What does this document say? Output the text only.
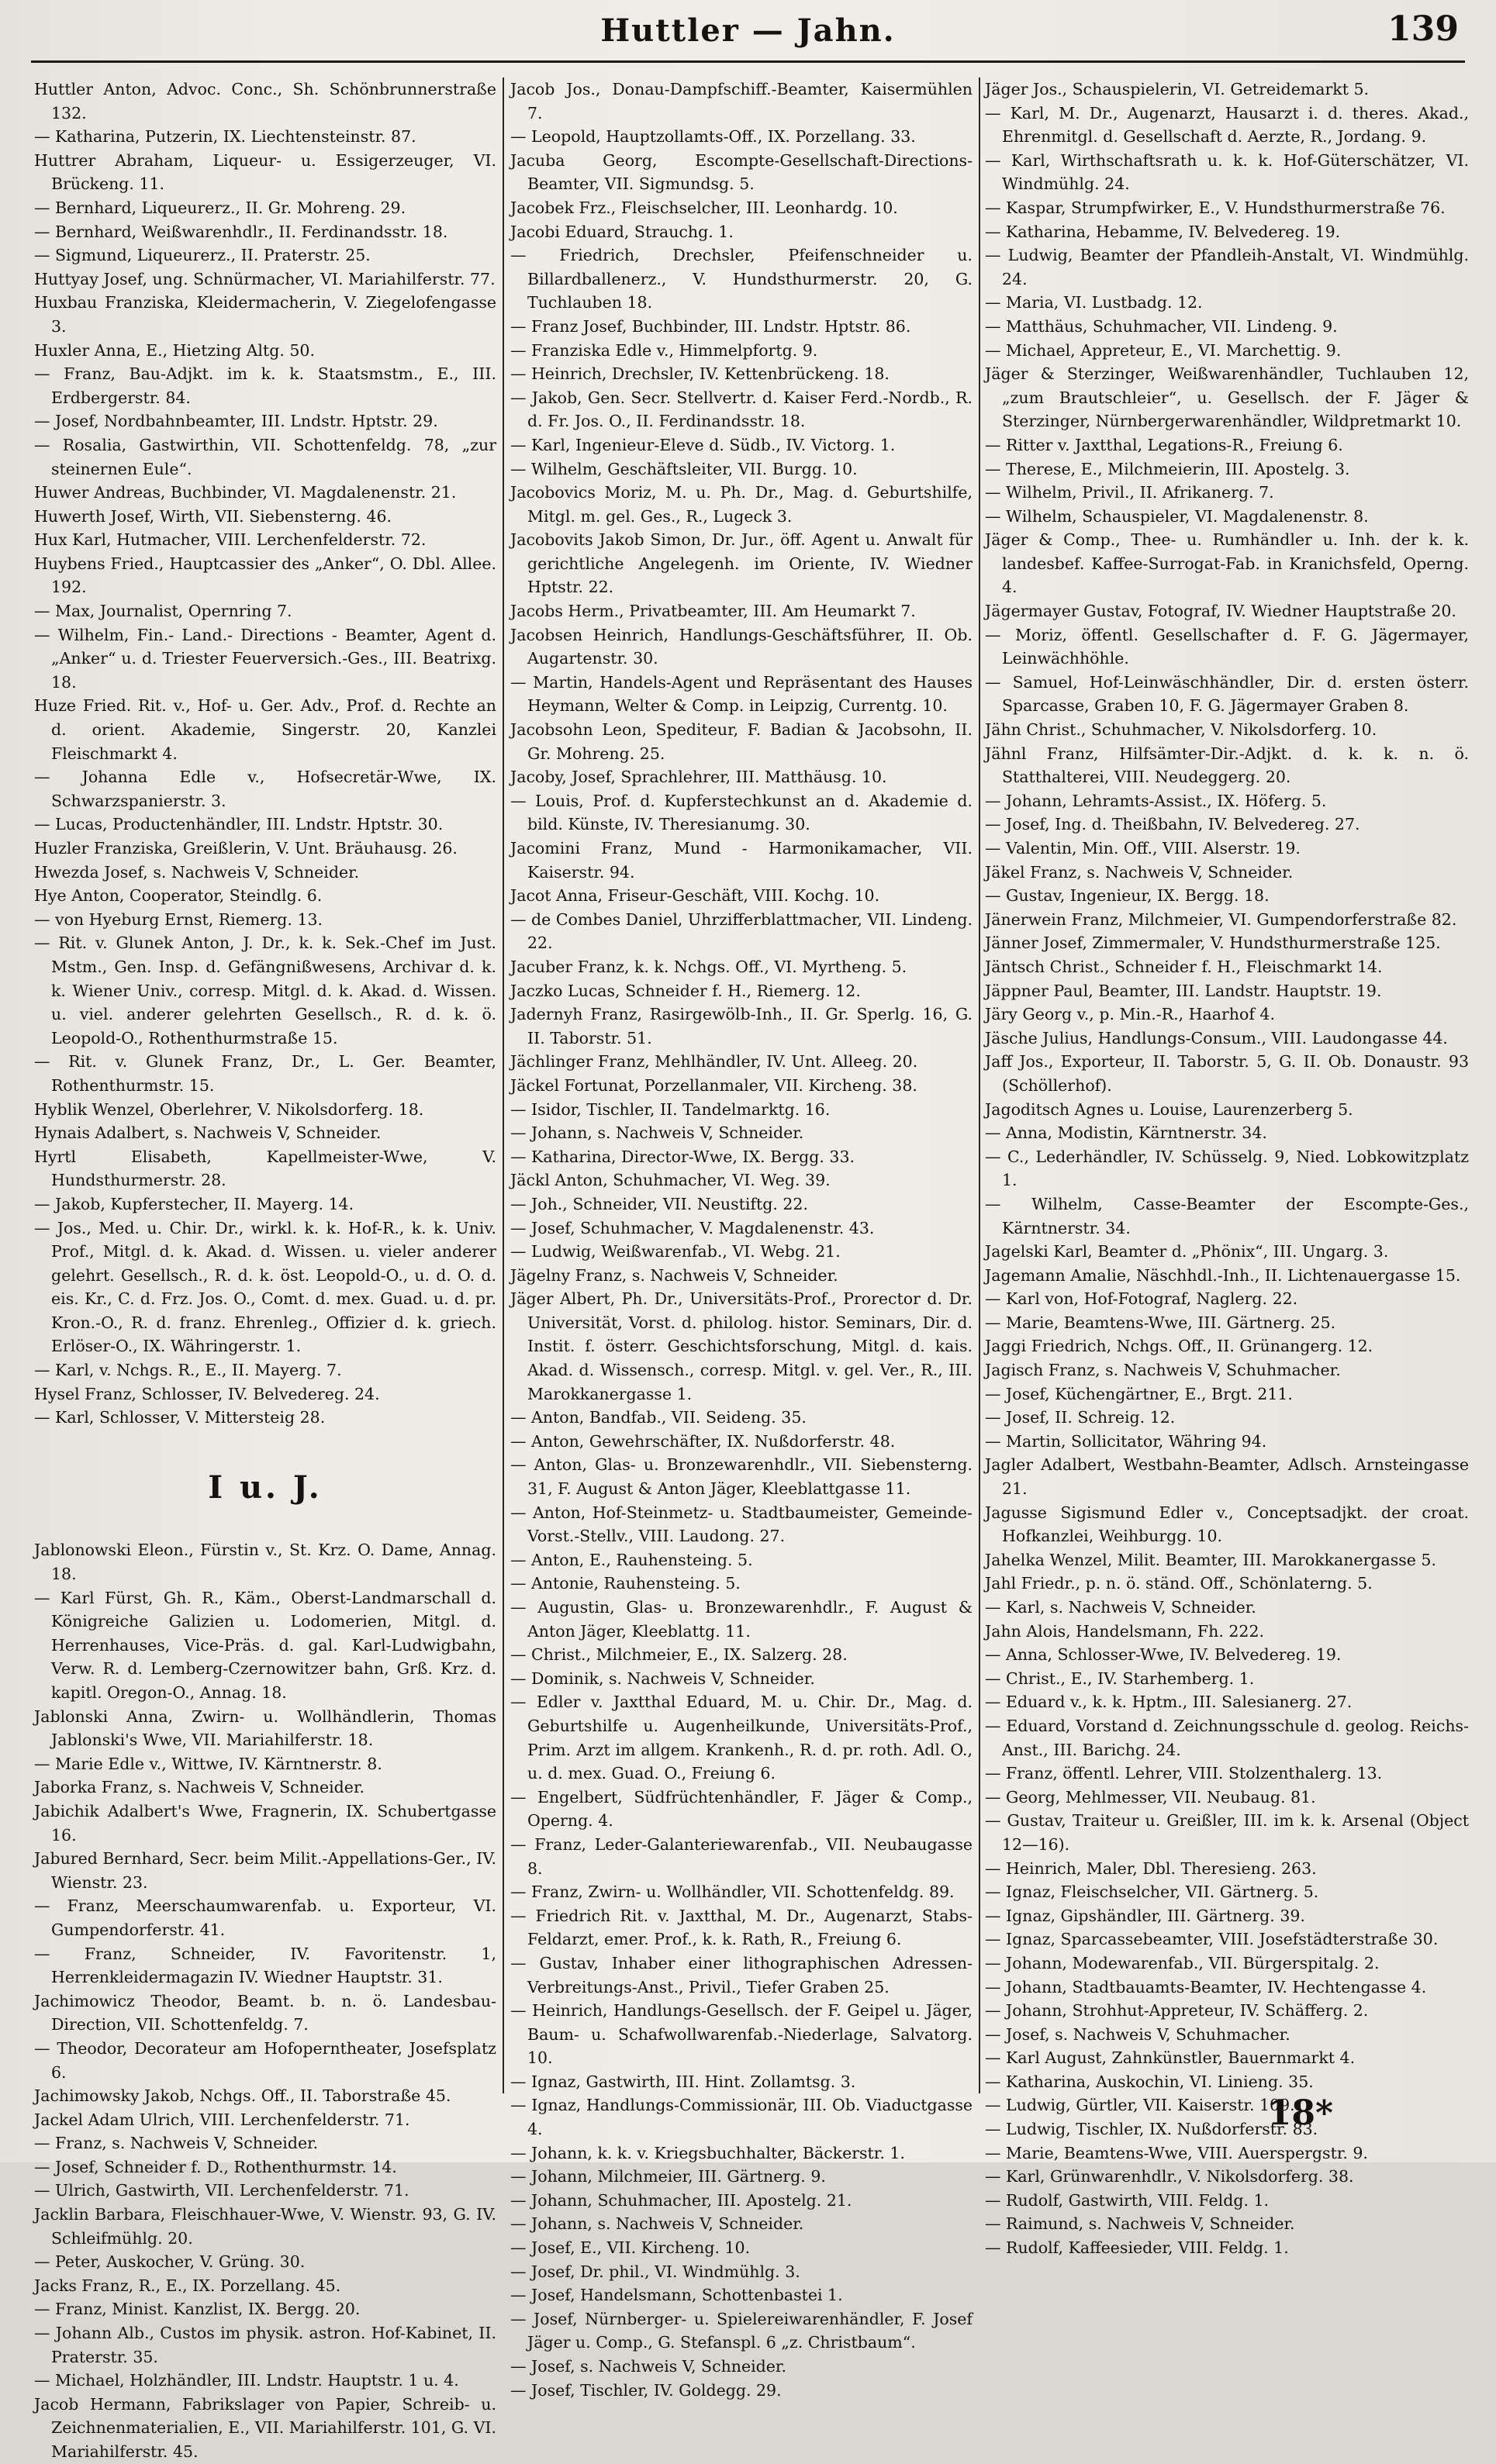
Huttler — Jahn.	139

Huttler Anton, Advoc. Conc., Sh. Schönbrunnerstraße 132.

— Katharina, Putzerin, IX. Liechtensteinstr. 87.

Huttrer Abraham, Liqueur- u. Essigerzeuger, VI. Brückeng. 11.

— Bernhard, Liqueurerz., II. Gr. Mohreng. 29.

— Bernhard, Weißwarenhdlr., II. Ferdinandsstr. 18.

— Sigmund, Liqueurerz., II. Praterstr. 25.

Huttyay Josef, ung. Schnürmacher, VI. Mariahilferstr. 77.

Huxbau Franziska, Kleidermacherin, V. Ziegelofengasse 3.

Huxler Anna, E., Hietzing Altg. 50.

— Franz, Bau-Adjkt. im k. k. Staatsmstm., E., III. Erdbergerstr. 84.

— Josef, Nordbahnbeamter, III. Lndstr. Hptstr. 29.

— Rosalia, Gastwirthin, VII. Schottenfeldg. 78, „zur steinernen Eule“.

Huwer Andreas, Buchbinder, VI. Magdalenenstr. 21.

Huwerth Josef, Wirth, VII. Siebensterng. 46.

Hux Karl, Hutmacher, VIII. Lerchenfelderstr. 72.

Huybens Fried., Hauptcassier des „Anker“, O. Dbl. Allee. 192.

— Max, Journalist, Opernring 7.

— Wilhelm, Fin.- Land.- Directions - Beamter, Agent d. „Anker“ u. d. Triester Feuerversich.-Ges., III. Beatrixg. 18.

Huze Fried. Rit. v., Hof- u. Ger. Adv., Prof. d. Rechte an d. orient. Akademie, Singerstr. 20, Kanzlei Fleischmarkt 4.

— Johanna Edle v., Hofsecretär-Wwe, IX. Schwarzspanierstr. 3.

— Lucas, Productenhändler, III. Lndstr. Hptstr. 30.

Huzler Franziska, Greißlerin, V. Unt. Bräuhausg. 26.

Hwezda Josef, s. Nachweis V, Schneider.

Hye Anton, Cooperator, Steindlg. 6.

— von Hyeburg Ernst, Riemerg. 13.

— Rit. v. Glunek Anton, J. Dr., k. k. Sek.-Chef im Just. Mstm., Gen. Insp. d. Gefängnißwesens, Archivar d. k. k. Wiener Univ., corresp. Mitgl. d. k. Akad. d. Wissen. u. viel. anderer gelehrten Gesellsch., R. d. k. ö. Leopold-O., Rothenthurmstraße 15.

— Rit. v. Glunek Franz, Dr., L. Ger. Beamter, Rothenthurmstr. 15.

Hyblik Wenzel, Oberlehrer, V. Nikolsdorferg. 18.

Hynais Adalbert, s. Nachweis V, Schneider.

Hyrtl Elisabeth, Kapellmeister-Wwe, V. Hundsthurmerstr. 28.

— Jakob, Kupferstecher, II. Mayerg. 14.

— Jos., Med. u. Chir. Dr., wirkl. k. k. Hof-R., k. k. Univ. Prof., Mitgl. d. k. Akad. d. Wissen. u. vieler anderer gelehrt. Gesellsch., R. d. k. öst. Leopold-O., u. d. O. d. eis. Kr., C. d. Frz. Jos. O., Comt. d. mex. Guad. u. d. pr. Kron.-O., R. d. franz. Ehrenleg., Offizier d. k. griech. Erlöser-O., IX. Währingerstr. 1.

— Karl, v. Nchgs. R., E., II. Mayerg. 7.

Hysel Franz, Schlosser, IV. Belvedereg. 24.

— Karl, Schlosser, V. Mittersteig 28.

I u. J.

Jablonowski Eleon., Fürstin v., St. Krz. O. Dame, Annag. 18.

— Karl Fürst, Gh. R., Käm., Oberst-Landmarschall d. Königreiche Galizien u. Lodomerien, Mitgl. d. Herrenhauses, Vice-Präs. d. gal. Karl-Ludwigbahn, Verw. R. d. Lemberg-Czernowitzer bahn, Grß. Krz. d. kapitl. Oregon-O., Annag. 18.

Jablonski Anna, Zwirn- u. Wollhändlerin, Thomas Jablonski's Wwe, VII. Mariahilferstr. 18.

— Marie Edle v., Wittwe, IV. Kärntnerstr. 8.

Jaborka Franz, s. Nachweis V, Schneider.

Jabichik Adalbert's Wwe, Fragnerin, IX. Schubertgasse 16.

Jabured Bernhard, Secr. beim Milit.-Appellations-Ger., IV. Wienstr. 23.

— Franz, Meerschaumwarenfab. u. Exporteur, VI. Gumpendorferstr. 41.

— Franz, Schneider, IV. Favoritenstr. 1, Herrenkleidermagazin IV. Wiedner Hauptstr. 31.

Jachimowicz Theodor, Beamt. b. n. ö. Landesbau-Direction, VII. Schottenfeldg. 7.

— Theodor, Decorateur am Hofoperntheater, Josefsplatz 6.

Jachimowsky Jakob, Nchgs. Off., II. Taborstraße 45.

Jackel Adam Ulrich, VIII. Lerchenfelderstr. 71.

— Franz, s. Nachweis V, Schneider.

— Josef, Schneider f. D., Rothenthurmstr. 14.

— Ulrich, Gastwirth, VII. Lerchenfelderstr. 71.

Jacklin Barbara, Fleischhauer-Wwe, V. Wienstr. 93, G. IV. Schleifmühlg. 20.

— Peter, Auskocher, V. Grüng. 30.

Jacks Franz, R., E., IX. Porzellang. 45.

— Franz, Minist. Kanzlist, IX. Bergg. 20.

— Johann Alb., Custos im physik. astron. Hof-Kabinet, II. Praterstr. 35.

— Michael, Holzhändler, III. Lndstr. Hauptstr. 1 u. 4.

Jacob Hermann, Fabrikslager von Papier, Schreib- u. Zeichnenmaterialien, E., VII. Mariahilferstr. 101, G. VI. Mariahilferstr. 45.

Jacob Jos., Donau-Dampfschiff.-Beamter, Kaisermühlen 7.

— Leopold, Hauptzollamts-Off., IX. Porzellang. 33.

Jacuba Georg, Escompte-Gesellschaft-Directions-Beamter, VII. Sigmundsg. 5.

Jacobek Frz., Fleischselcher, III. Leonhardg. 10.

Jacobi Eduard, Strauchg. 1.

— Friedrich, Drechsler, Pfeifenschneider u. Billardballenerz., V. Hundsthurmerstr. 20, G. Tuchlauben 18.

— Franz Josef, Buchbinder, III. Lndstr. Hptstr. 86.

— Franziska Edle v., Himmelpfortg. 9.

— Heinrich, Drechsler, IV. Kettenbrückeng. 18.

— Jakob, Gen. Secr. Stellvertr. d. Kaiser Ferd.-Nordb., R. d. Fr. Jos. O., II. Ferdinandsstr. 18.

— Karl, Ingenieur-Eleve d. Südb., IV. Victorg. 1.

— Wilhelm, Geschäftsleiter, VII. Burgg. 10.

Jacobovics Moriz, M. u. Ph. Dr., Mag. d. Geburtshilfe, Mitgl. m. gel. Ges., R., Lugeck 3.

Jacobovits Jakob Simon, Dr. Jur., öff. Agent u. Anwalt für gerichtliche Angelegenh. im Oriente, IV. Wiedner Hptstr. 22.

Jacobs Herm., Privatbeamter, III. Am Heumarkt 7.

Jacobsen Heinrich, Handlungs-Geschäftsführer, II. Ob. Augartenstr. 30.

— Martin, Handels-Agent und Repräsentant des Hauses Heymann, Welter & Comp. in Leipzig, Currentg. 10.

Jacobsohn Leon, Spediteur, F. Badian & Jacobsohn, II. Gr. Mohreng. 25.

Jacoby, Josef, Sprachlehrer, III. Matthäusg. 10.

— Louis, Prof. d. Kupferstechkunst an d. Akademie d. bild. Künste, IV. Theresianumg. 30.

Jacomini Franz, Mund - Harmonikamacher, VII. Kaiserstr. 94.

Jacot Anna, Friseur-Geschäft, VIII. Kochg. 10.

— de Combes Daniel, Uhrzifferblattmacher, VII. Lindeng. 22.

Jacuber Franz, k. k. Nchgs. Off., VI. Myrtheng. 5.

Jaczko Lucas, Schneider f. H., Riemerg. 12.

Jadernyh Franz, Rasirgewölb-Inh., II. Gr. Sperlg. 16, G. II. Taborstr. 51.

Jächlinger Franz, Mehlhändler, IV. Unt. Alleeg. 20.

Jäckel Fortunat, Porzellanmaler, VII. Kircheng. 38.

— Isidor, Tischler, II. Tandelmarktg. 16.

— Johann, s. Nachweis V, Schneider.

— Katharina, Director-Wwe, IX. Bergg. 33.

Jäckl Anton, Schuhmacher, VI. Weg. 39.

— Joh., Schneider, VII. Neustiftg. 22.

— Josef, Schuhmacher, V. Magdalenenstr. 43.

— Ludwig, Weißwarenfab., VI. Webg. 21.

Jägelny Franz, s. Nachweis V, Schneider.

Jäger Albert, Ph. Dr., Universitäts-Prof., Prorector d. Dr. Universität, Vorst. d. philolog. histor. Seminars, Dir. d. Instit. f. österr. Geschichtsforschung, Mitgl. d. kais. Akad. d. Wissensch., corresp. Mitgl. v. gel. Ver., R., III. Marokkanergasse 1.

— Anton, Bandfab., VII. Seideng. 35.

— Anton, Gewehrschäfter, IX. Nußdorferstr. 48.

— Anton, Glas- u. Bronzewarenhdlr., VII. Siebensterng. 31, F. August & Anton Jäger, Kleeblattgasse 11.

— Anton, Hof-Steinmetz- u. Stadtbaumeister, Gemeinde-Vorst.-Stellv., VIII. Laudong. 27.

— Anton, E., Rauhensteing. 5.

— Antonie, Rauhensteing. 5.

— Augustin, Glas- u. Bronzewarenhdlr., F. August & Anton Jäger, Kleeblattg. 11.

— Christ., Milchmeier, E., IX. Salzerg. 28.

— Dominik, s. Nachweis V, Schneider.

— Edler v. Jaxtthal Eduard, M. u. Chir. Dr., Mag. d. Geburtshilfe u. Augenheilkunde, Universitäts-Prof., Prim. Arzt im allgem. Krankenh., R. d. pr. roth. Adl. O., u. d. mex. Guad. O., Freiung 6.

— Engelbert, Südfrüchtenhändler, F. Jäger & Comp., Operng. 4.

— Franz, Leder-Galanteriewarenfab., VII. Neubaugasse 8.

— Franz, Zwirn- u. Wollhändler, VII. Schottenfeldg. 89.

— Friedrich Rit. v. Jaxtthal, M. Dr., Augenarzt, Stabs-Feldarzt, emer. Prof., k. k. Rath, R., Freiung 6.

— Gustav, Inhaber einer lithographischen Adressen-Verbreitungs-Anst., Privil., Tiefer Graben 25.

— Heinrich, Handlungs-Gesellsch. der F. Geipel u. Jäger, Baum- u. Schafwollwarenfab.-Niederlage, Salvatorg. 10.

— Ignaz, Gastwirth, III. Hint. Zollamtsg. 3.

— Ignaz, Handlungs-Commissionär, III. Ob. Viaductgasse 4.

— Johann, k. k. v. Kriegsbuchhalter, Bäckerstr. 1.

— Johann, Milchmeier, III. Gärtnerg. 9.

— Johann, Schuhmacher, III. Apostelg. 21.

— Johann, s. Nachweis V, Schneider.

— Josef, E., VII. Kircheng. 10.

— Josef, Dr. phil., VI. Windmühlg. 3.

— Josef, Handelsmann, Schottenbastei 1.

— Josef, Nürnberger- u. Spielereiwarenhändler, F. Josef Jäger u. Comp., G. Stefanspl. 6 „z. Christbaum“.

— Josef, s. Nachweis V, Schneider.

— Josef, Tischler, IV. Goldegg. 29.

Jäger Jos., Schauspielerin, VI. Getreidemarkt 5.

— Karl, M. Dr., Augenarzt, Hausarzt i. d. theres. Akad., Ehrenmitgl. d. Gesellschaft d. Aerzte, R., Jordang. 9.

— Karl, Wirthschaftsrath u. k. k. Hof-Güterschätzer, VI. Windmühlg. 24.

— Kaspar, Strumpfwirker, E., V. Hundsthurmerstraße 76.

— Katharina, Hebamme, IV. Belvedereg. 19.

— Ludwig, Beamter der Pfandleih-Anstalt, VI. Windmühlg. 24.

— Maria, VI. Lustbadg. 12.

— Matthäus, Schuhmacher, VII. Lindeng. 9.

— Michael, Appreteur, E., VI. Marchettig. 9.

Jäger & Sterzinger, Weißwarenhändler, Tuchlauben 12, „zum Brautschleier“, u. Gesellsch. der F. Jäger & Sterzinger, Nürnbergerwarenhändler, Wildpretmarkt 10.

— Ritter v. Jaxtthal, Legations-R., Freiung 6.

— Therese, E., Milchmeierin, III. Apostelg. 3.

— Wilhelm, Privil., II. Afrikanerg. 7.

— Wilhelm, Schauspieler, VI. Magdalenenstr. 8.

Jäger & Comp., Thee- u. Rumhändler u. Inh. der k. k. landesbef. Kaffee-Surrogat-Fab. in Kranichsfeld, Operng. 4.

Jägermayer Gustav, Fotograf, IV. Wiedner Hauptstraße 20.

— Moriz, öffentl. Gesellschafter d. F. G. Jägermayer, Leinwächhöhle.

— Samuel, Hof-Leinwäschhändler, Dir. d. ersten österr. Sparcasse, Graben 10, F. G. Jägermayer Graben 8.

Jähn Christ., Schuhmacher, V. Nikolsdorferg. 10.

Jähnl Franz, Hilfsämter-Dir.-Adjkt. d. k. k. n. ö. Statthalterei, VIII. Neudeggerg. 20.

— Johann, Lehramts-Assist., IX. Höferg. 5.

— Josef, Ing. d. Theißbahn, IV. Belvedereg. 27.

— Valentin, Min. Off., VIII. Alserstr. 19.

Jäkel Franz, s. Nachweis V, Schneider.

— Gustav, Ingenieur, IX. Bergg. 18.

Jänerwein Franz, Milchmeier, VI. Gumpendorferstraße 82.

Jänner Josef, Zimmermaler, V. Hundsthurmerstraße 125.

Jäntsch Christ., Schneider f. H., Fleischmarkt 14.

Jäppner Paul, Beamter, III. Landstr. Hauptstr. 19.

Järy Georg v., p. Min.-R., Haarhof 4.

Jäsche Julius, Handlungs-Consum., VIII. Laudongasse 44.

Jaff Jos., Exporteur, II. Taborstr. 5, G. II. Ob. Donaustr. 93 (Schöllerhof).

Jagoditsch Agnes u. Louise, Laurenzerberg 5.

— Anna, Modistin, Kärntnerstr. 34.

— C., Lederhändler, IV. Schüsselg. 9, Nied. Lobkowitzplatz 1.

— Wilhelm, Casse-Beamter der Escompte-Ges., Kärntnerstr. 34.

Jagelski Karl, Beamter d. „Phönix“, III. Ungarg. 3.

Jagemann Amalie, Näschhdl.-Inh., II. Lichtenauergasse 15.

— Karl von, Hof-Fotograf, Naglerg. 22.

— Marie, Beamtens-Wwe, III. Gärtnerg. 25.

Jaggi Friedrich, Nchgs. Off., II. Grünangerg. 12.

Jagisch Franz, s. Nachweis V, Schuhmacher.

— Josef, Küchengärtner, E., Brgt. 211.

— Josef, II. Schreig. 12.

— Martin, Sollicitator, Währing 94.

Jagler Adalbert, Westbahn-Beamter, Adlsch. Arnsteingasse 21.

Jagusse Sigismund Edler v., Conceptsadjkt. der croat. Hofkanzlei, Weihburgg. 10.

Jahelka Wenzel, Milit. Beamter, III. Marokkanergasse 5.

Jahl Friedr., p. n. ö. ständ. Off., Schönlaterng. 5.

— Karl, s. Nachweis V, Schneider.

Jahn Alois, Handelsmann, Fh. 222.

— Anna, Schlosser-Wwe, IV. Belvedereg. 19.

— Christ., E., IV. Starhemberg. 1.

— Eduard v., k. k. Hptm., III. Salesianerg. 27.

— Eduard, Vorstand d. Zeichnungsschule d. geolog. Reichs-Anst., III. Barichg. 24.

— Franz, öffentl. Lehrer, VIII. Stolzenthalerg. 13.

— Georg, Mehlmesser, VII. Neubaug. 81.

— Gustav, Traiteur u. Greißler, III. im k. k. Arsenal (Object 12—16).

— Heinrich, Maler, Dbl. Theresieng. 263.

— Ignaz, Fleischselcher, VII. Gärtnerg. 5.

— Ignaz, Gipshändler, III. Gärtnerg. 39.

— Ignaz, Sparcassebeamter, VIII. Josefstädterstraße 30.

— Johann, Modewarenfab., VII. Bürgerspitalg. 2.

— Johann, Stadtbauamts-Beamter, IV. Hechtengasse 4.

— Johann, Strohhut-Appreteur, IV. Schäfferg. 2.

— Josef, s. Nachweis V, Schuhmacher.

— Karl August, Zahnkünstler, Bauernmarkt 4.

— Katharina, Auskochin, VI. Linieng. 35.

— Ludwig, Gürtler, VII. Kaiserstr. 109.

— Ludwig, Tischler, IX. Nußdorferstr. 83.

— Marie, Beamtens-Wwe, VIII. Auerspergstr. 9.

— Karl, Grünwarenhdlr., V. Nikolsdorferg. 38.

— Rudolf, Gastwirth, VIII. Feldg. 1.

— Raimund, s. Nachweis V, Schneider.

— Rudolf, Kaffeesieder, VIII. Feldg. 1.

18*
